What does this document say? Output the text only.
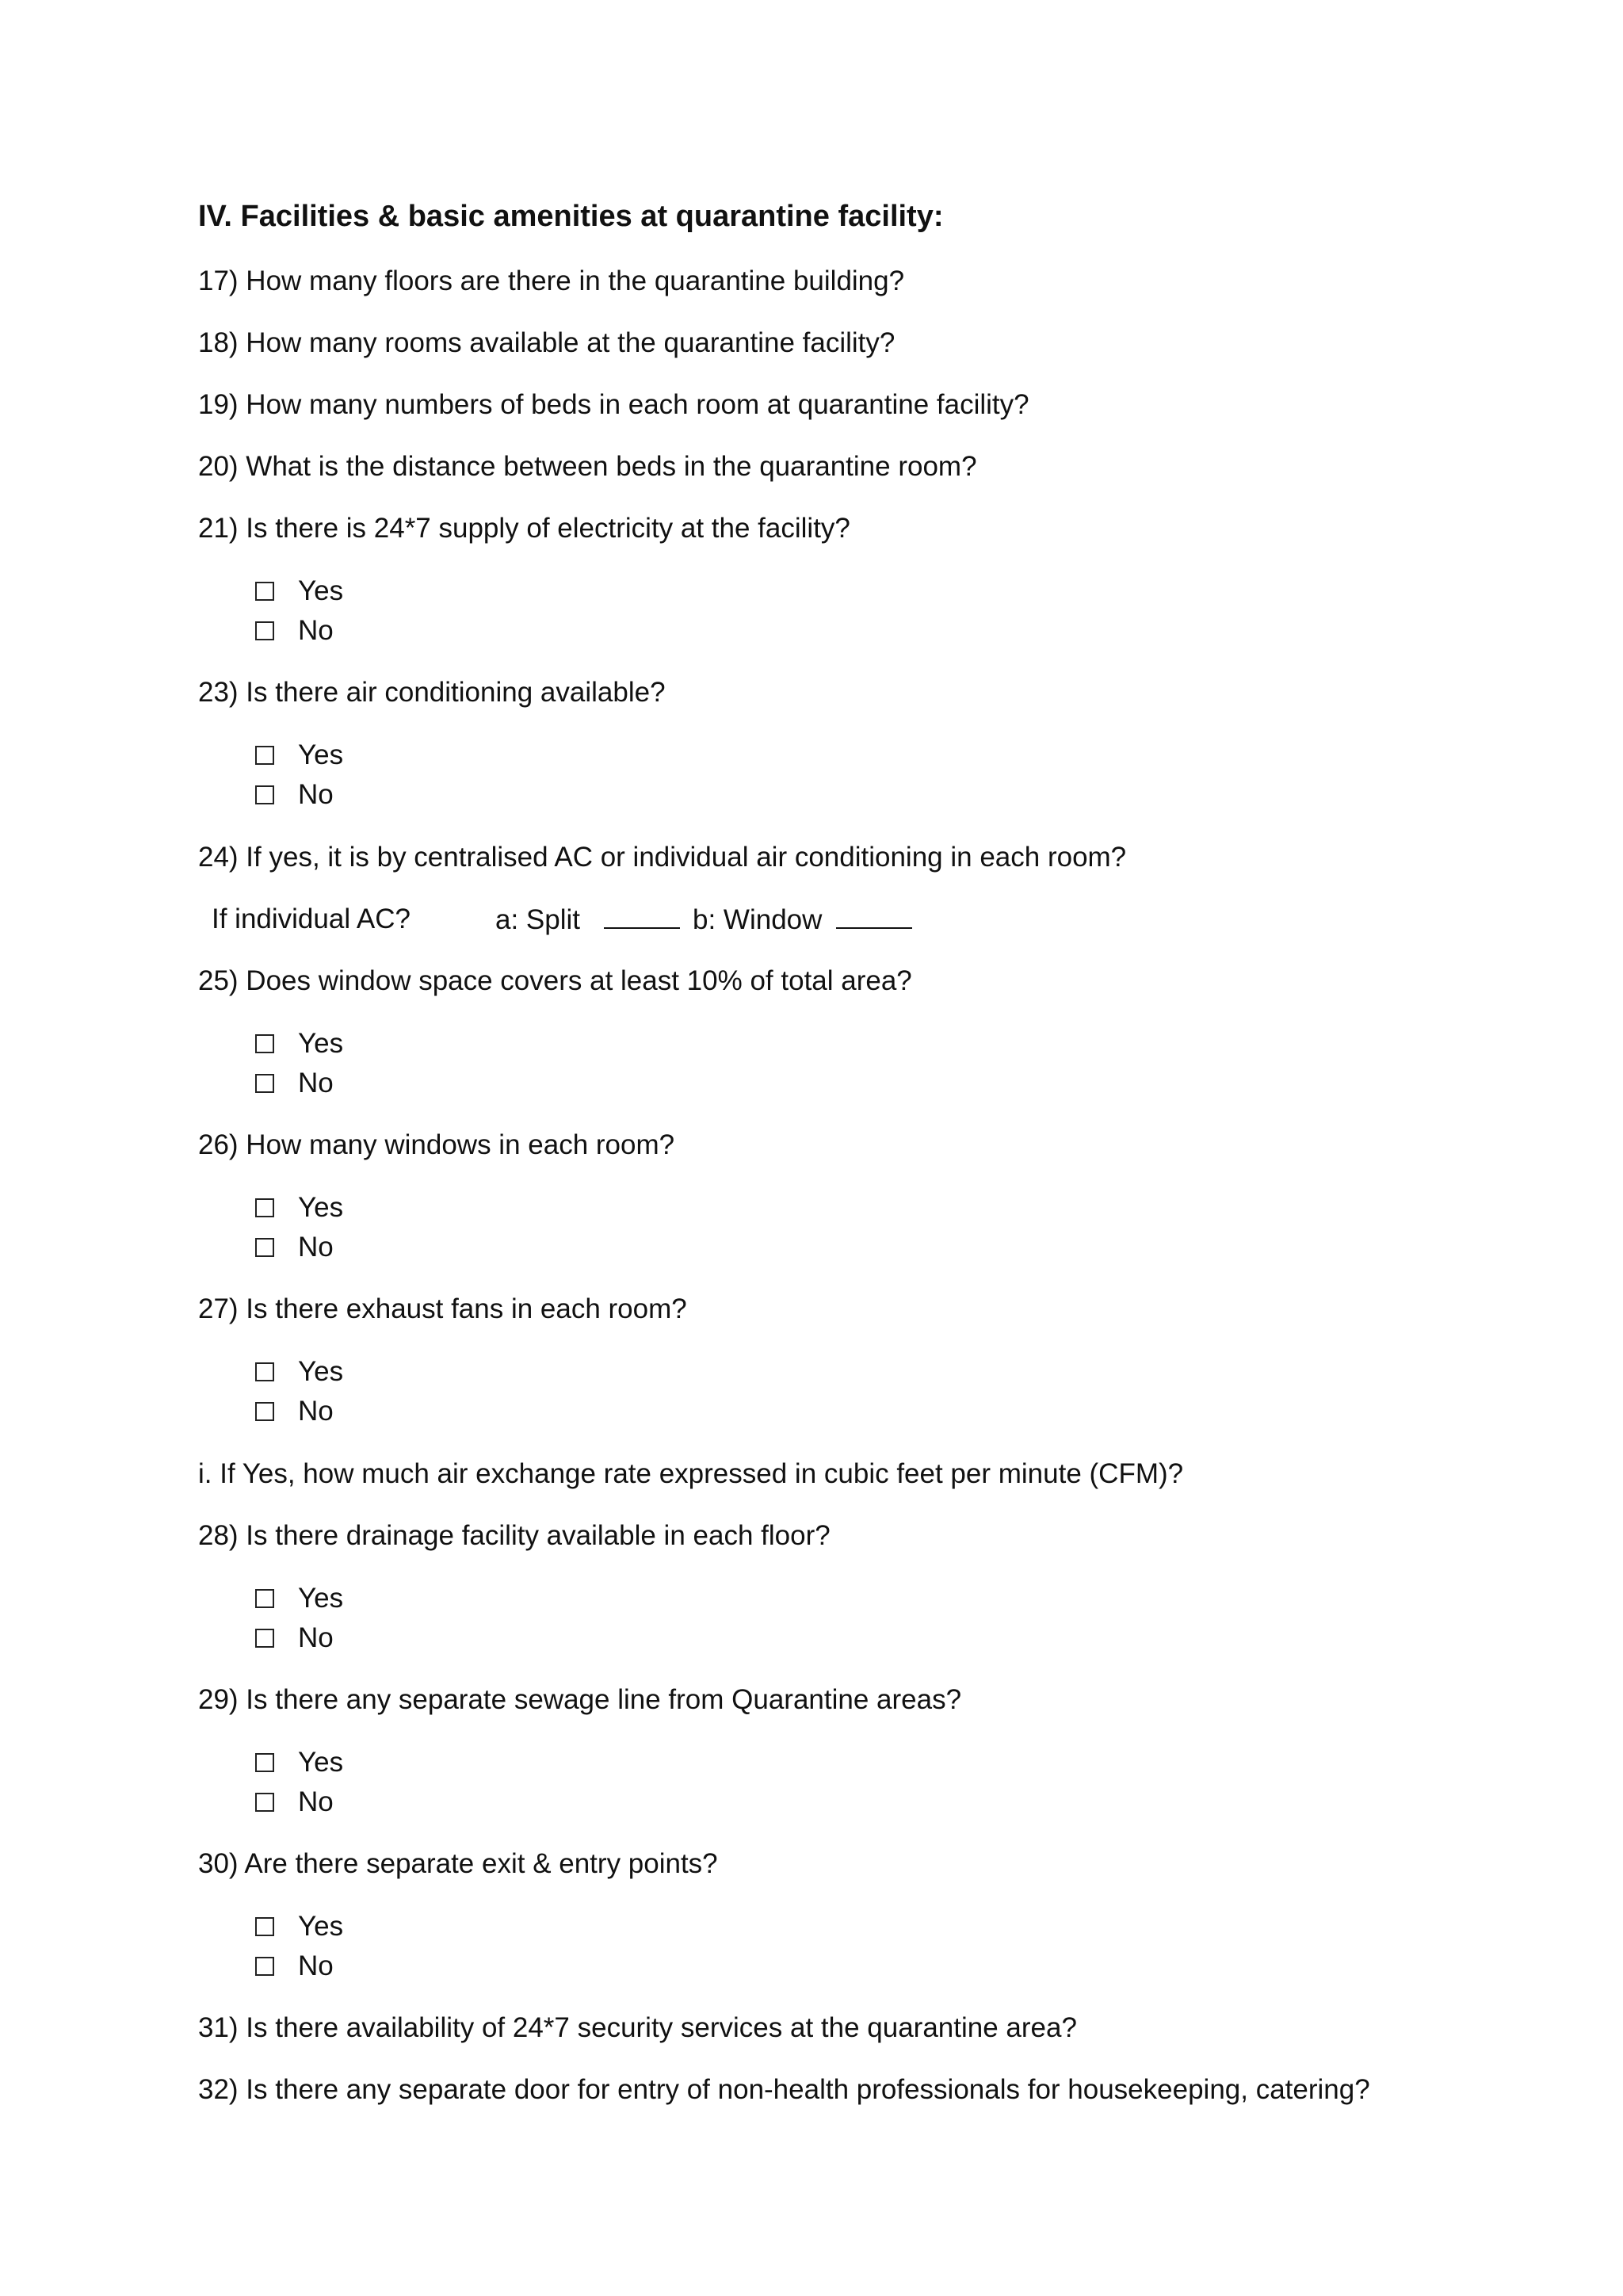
IV. Facilities & basic amenities at quarantine facility:
17) How many floors are there in the quarantine building?
18) How many rooms available at the quarantine facility?
19) How many numbers of beds in each room at quarantine facility?
20) What is the distance between beds in the quarantine room?
21) Is there is 24*7 supply of electricity at the facility?
Yes
No
23) Is there air conditioning available?
Yes
No
24) If yes, it is by centralised AC or individual air conditioning in each room?
If individual AC?	a: Split	b: Window
25) Does window space covers at least 10% of total area?
Yes
No
26) How many windows in each room?
Yes
No
27) Is there exhaust fans in each room?
Yes
No
i. If Yes, how much air exchange rate expressed in cubic feet per minute (CFM)?
28) Is there drainage facility available in each floor?
Yes
No
29) Is there any separate sewage line from Quarantine areas?
Yes
No
30) Are there separate exit & entry points?
Yes
No
31) Is there availability of 24*7 security services at the quarantine area?
32) Is there any separate door for entry of non-health professionals for housekeeping, catering?
